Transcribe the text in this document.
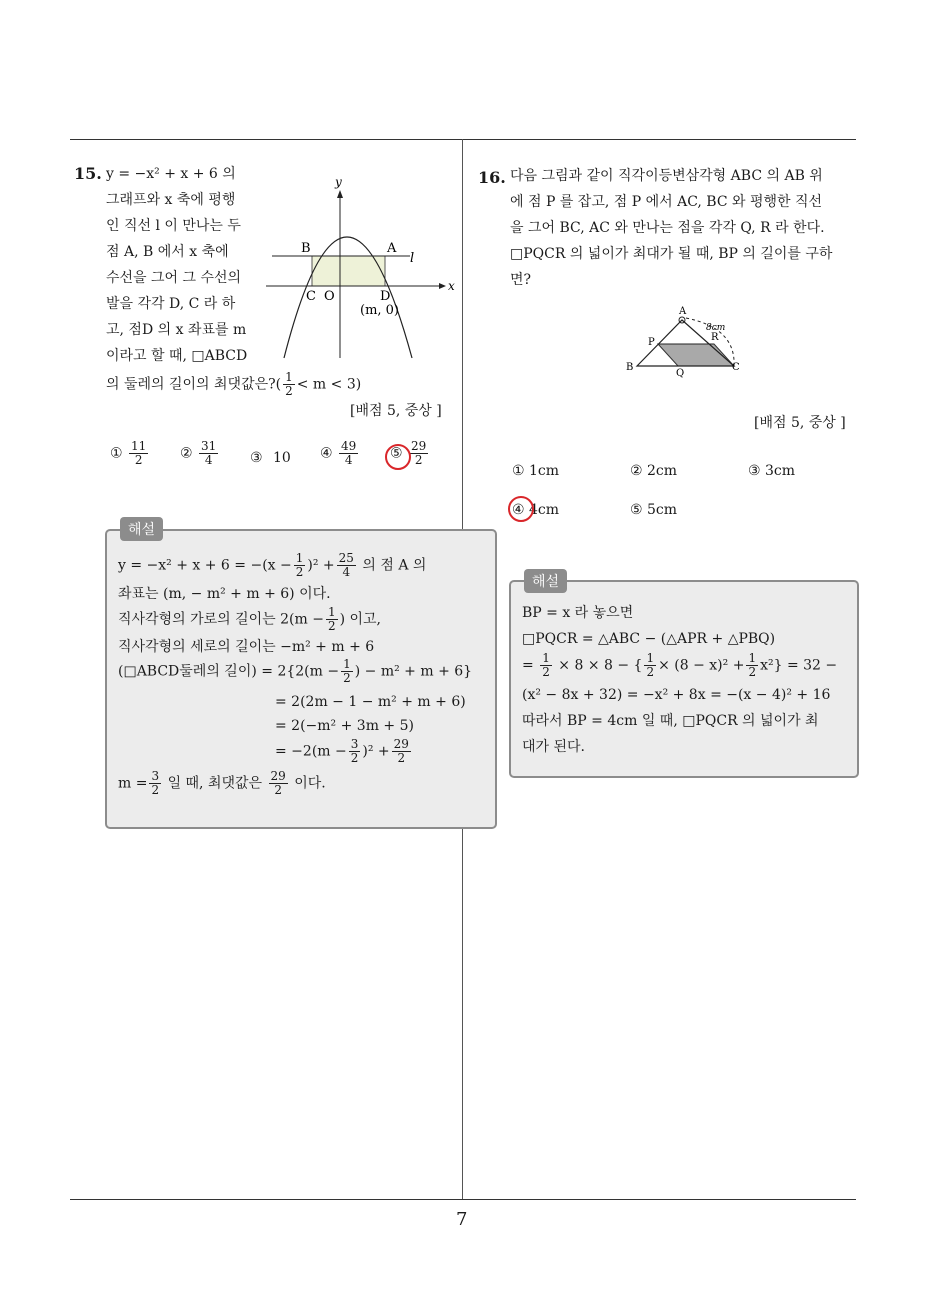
7
15. y = −x² + x + 6 의
그래프와 x 축에 평행
인 직선 l 이 만나는 두
점 A, B 에서 x 축에
수선을 그어 그 수선의
발을 각각 D, C 라 하
고, 점D 의 x 좌표를 m
이라고 할 때, □ABCD
의 둘레의 길이의 최댓값은?( $\frac{1}{2} < m < 3$)
[배점 5, 중상 ]
y
x
l
B	A
C O	D
(m, 0)
① $\frac{11}{2}$ ② $\frac{31}{4}$ ③ 10 ④ $\frac{49}{4}$ ⑤ $\frac{29}{2}$
해설
$y = -x^2 + x + 6 = -(x - \frac{1}{2} )^2 + \frac{25}{4}$ 의 점 A 의
좌표는 (m, − m² + m + 6) 이다.
직사각형의 가로의 길이는 $2(m - \frac{1}{2}$ ) 이고,
직사각형의 세로의 길이는 −m² + m + 6
(□ABCD둘레의 길이) = $2\{2(m - \frac{1}{2}$ ) − m² + m + 6}
= 2(2m − 1 − m² + m + 6)
= 2(−m² + 3m + 5)
= $-2(m - \frac{3}{2} )^2 + \frac{29}{2}$
$m = \frac{3}{2}$ 일 때, 최댓값은 $\frac{29}{2}$ 이다.
16. 다음 그림과 같이 직각이등변삼각형 ABC 의 AB 위
에 점 P 를 잡고, 점 P 에서 AC, BC 와 평행한 직선
을 그어 BC, AC 와 만나는 점을 각각 Q, R 라 한다.
□PQCR 의 넓이가 최대가 될 때, BP 의 길이를 구하
면?
A
P	R
B
Q
C
8cm
[배점 5, 중상 ]
① 1cm	② 2cm	③ 3cm
④ 4cm	⑤ 5cm
해설
BP = x 라 놓으면
□PQCR = △ABC − (△APR + △PBQ)
= $\frac{1}{2} \times 8 \times 8$ − { $\frac{1}{2} \times (8 - x)^2 + \frac{1}{2} x^2\} = 32$ −
(x² − 8x + 32) = −x² + 8x = −(x − 4)² + 16
따라서 BP = 4cm 일 때, □PQCR 의 넓이가 최
대가 된다.
